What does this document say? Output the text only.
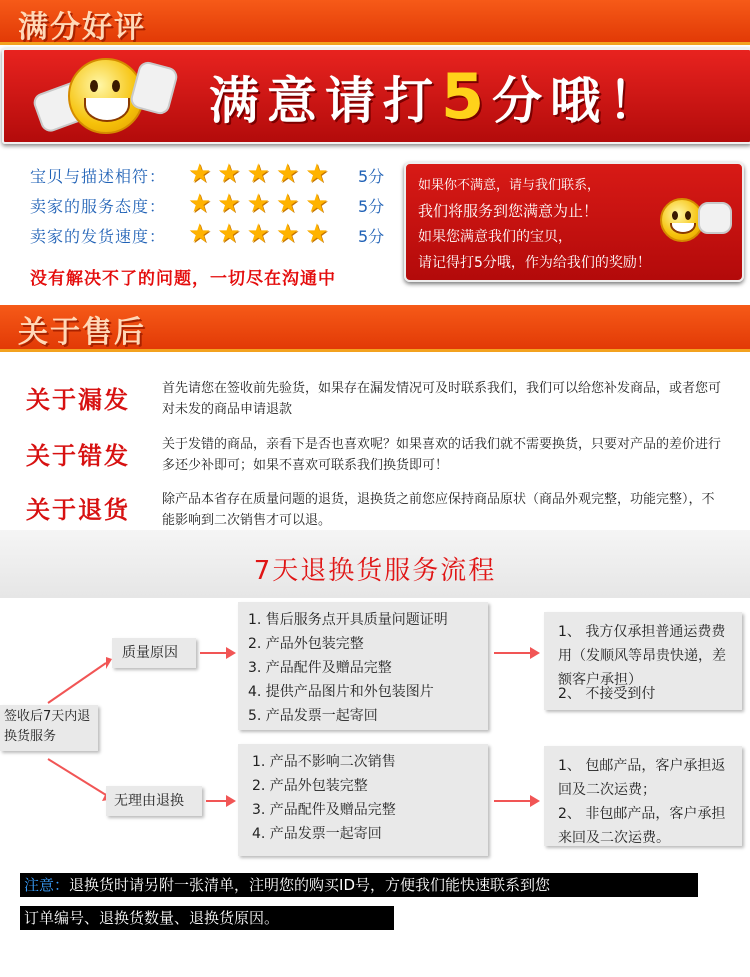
满分好评
满意请打5分哦！
宝贝与描述相符： ★★★★★ 5分
卖家的服务态度： ★★★★★ 5分
卖家的发货速度： ★★★★★ 5分
没有解决不了的问题，一切尽在沟通中
如果你不满意，请与我们联系，
我们将服务到您满意为止！
如果您满意我们的宝贝，
请记得打5分哦，作为给我们的奖励！
关于售后
关于漏发 首先请您在签收前先验货，如果存在漏发情况可及时联系我们，我们可以给您补发商品，或者您可对未发的商品申请退款
关于错发 关于发错的商品，亲看下是否也喜欢呢？如果喜欢的话我们就不需要换货，只要对产品的差价进行多还少补即可；如果不喜欢可联系我们换货即可！
关于退货 除产品本省存在质量问题的退货，退换货之前您应保持商品原状（商品外观完整，功能完整），不能影响到二次销售才可以退。
7天退换货服务流程
签收后7天内退换货服务
质量原因
1. 售后服务点开具质量问题证明
2. 产品外包装完整
3. 产品配件及赠品完整
4. 提供产品图片和外包装图片
5. 产品发票一起寄回
1、 我方仅承担普通运费费用（发顺风等昂贵快递，差额客户承担）
2、 不接受到付
无理由退换
1. 产品不影响二次销售
2. 产品外包装完整
3. 产品配件及赠品完整
4. 产品发票一起寄回
1、 包邮产品，客户承担返回及二次运费；
2、 非包邮产品，客户承担来回及二次运费。
注意：退换货时请另附一张清单，注明您的购买ID号，方便我们能快速联系到您
订单编号、退换货数量、退换货原因。
